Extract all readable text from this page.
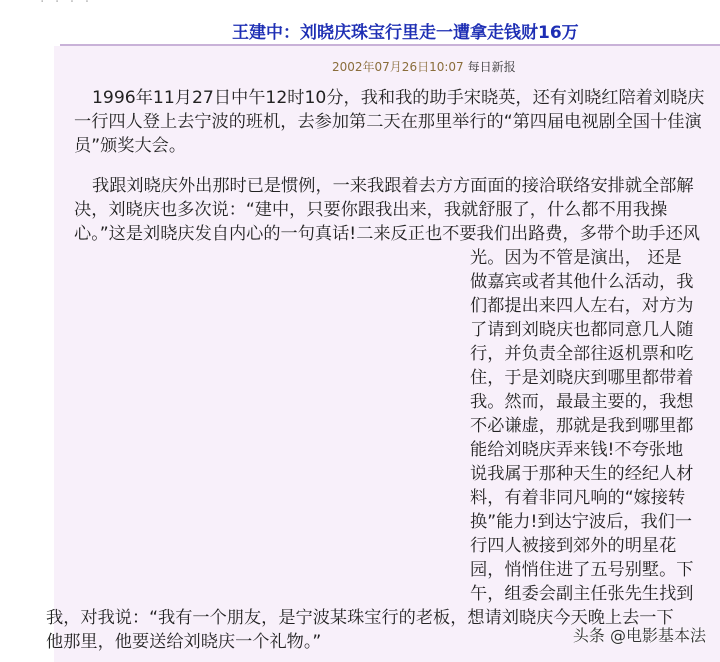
· · · ·
王建中：刘晓庆珠宝行里走一遭拿走钱财16万
2002年07月26日10:07 每日新报
1996年11月27日中午12时10分，我和我的助手宋晓英，还有刘晓红陪着刘晓庆
一行四人登上去宁波的班机，去参加第二天在那里举行的“第四届电视剧全国十佳演
员”颁奖大会。
我跟刘晓庆外出那时已是惯例，一来我跟着去方方面面的接洽联络安排就全部解
决，刘晓庆也多次说：“建中，只要你跟我出来，我就舒服了，什么都不用我操
心。”这是刘晓庆发自内心的一句真话!二来反正也不要我们出路费，多带个助手还风
光。因为不管是演出， 还是
做嘉宾或者其他什么活动，我
们都提出来四人左右，对方为
了请到刘晓庆也都同意几人随
行，并负责全部往返机票和吃
住，于是刘晓庆到哪里都带着
我。然而，最最主要的，我想
不必谦虚，那就是我到哪里都
能给刘晓庆弄来钱!不夸张地
说我属于那种天生的经纪人材
料，有着非同凡响的“嫁接转
换”能力!到达宁波后，我们一
行四人被接到郊外的明星花
园，悄悄住进了五号别墅。下
午，组委会副主任张先生找到
我，对我说：“我有一个朋友，是宁波某珠宝行的老板，想请刘晓庆今天晚上去一下
他那里，他要送给刘晓庆一个礼物。”	头条 @电影基本法
